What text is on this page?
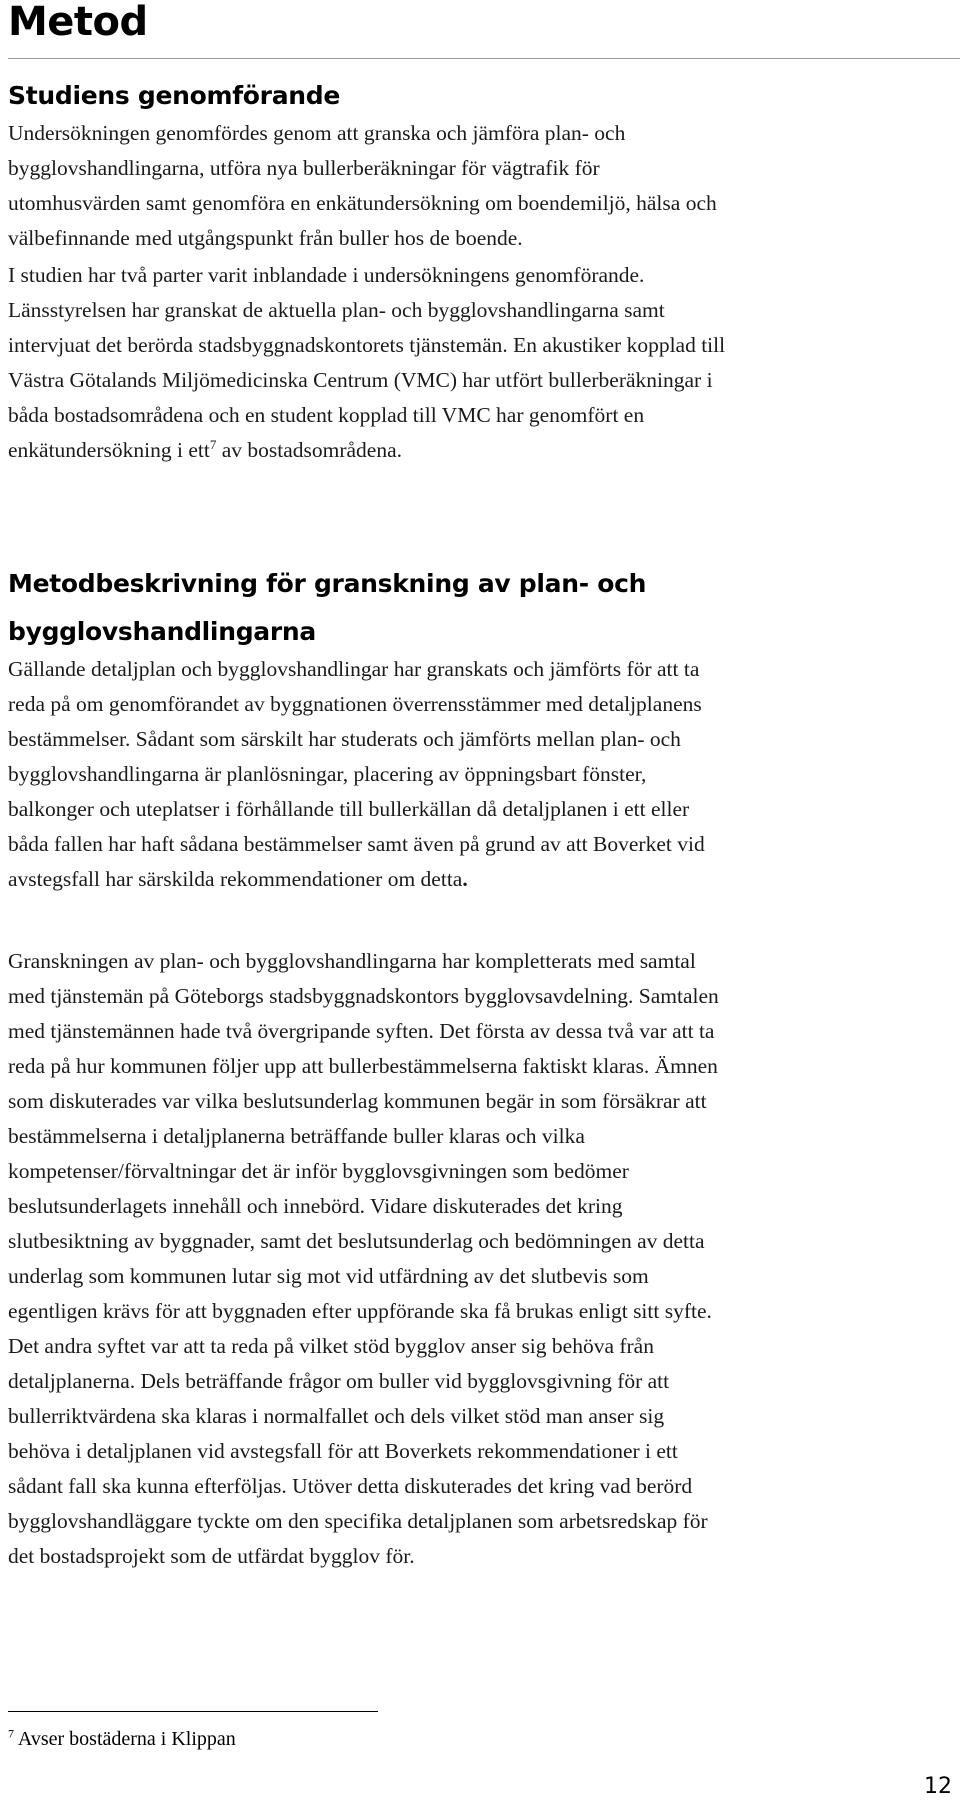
Metod
Studiens genomförande

Undersökningen genomfördes genom att granska och jämföra plan- och
bygglovshandlingarna, utföra nya bullerberäkningar för vägtrafik för
utomhusvärden samt genomföra en enkätundersökning om boendemiljö, hälsa och
välbefinnande med utgångspunkt från buller hos de boende.

I studien har två parter varit inblandade i undersökningens genomförande.
Länsstyrelsen har granskat de aktuella plan- och bygglovshandlingarna samt
intervjuat det berörda stadsbyggnadskontorets tjänstemän. En akustiker kopplad till
Västra Götalands Miljömedicinska Centrum (VMC) har utfört bullerberäkningar i
båda bostadsområdena och en student kopplad till VMC har genomfört en
enkätundersökning i ett$^7$ av bostadsområdena.

Metodbeskrivning för granskning av plan- och
bygglovshandlingarna

Gällande detaljplan och bygglovshandlingar har granskats och jämförts för att ta
reda på om genomförandet av byggnationen överrensstämmer med detaljplanens
bestämmelser. Sådant som särskilt har studerats och jämförts mellan plan- och
bygglovshandlingarna är planlösningar, placering av öppningsbart fönster,
balkonger och uteplatser i förhållande till bullerkällan då detaljplanen i ett eller
båda fallen har haft sådana bestämmelser samt även på grund av att Boverket vid
avstegsfall har särskilda rekommendationer om detta.

Granskningen av plan- och bygglovshandlingarna har kompletterats med samtal
med tjänstemän på Göteborgs stadsbyggnadskontors bygglovsavdelning. Samtalen
med tjänstemännen hade två övergripande syften. Det första av dessa två var att ta
reda på hur kommunen följer upp att bullerbestämmelserna faktiskt klaras. Ämnen
som diskuterades var vilka beslutsunderlag kommunen begär in som försäkrar att
bestämmelserna i detaljplanerna beträffande buller klaras och vilka
kompetenser/förvaltningar det är inför bygglovsgivningen som bedömer
beslutsunderlagets innehåll och innebörd. Vidare diskuterades det kring
slutbesiktning av byggnader, samt det beslutsunderlag och bedömningen av detta
underlag som kommunen lutar sig mot vid utfärdning av det slutbevis som
egentligen krävs för att byggnaden efter uppförande ska få brukas enligt sitt syfte.
Det andra syftet var att ta reda på vilket stöd bygglov anser sig behöva från
detaljplanerna. Dels beträffande frågor om buller vid bygglovsgivning för att
bullerriktvärdena ska klaras i normalfallet och dels vilket stöd man anser sig
behöva i detaljplanen vid avstegsfall för att Boverkets rekommendationer i ett
sådant fall ska kunna efterföljas. Utöver detta diskuterades det kring vad berörd
bygglovshandläggare tyckte om den specifika detaljplanen som arbetsredskap för
det bostadsprojekt som de utfärdat bygglov för.

$^7$ Avser bostäderna i Klippan

12
